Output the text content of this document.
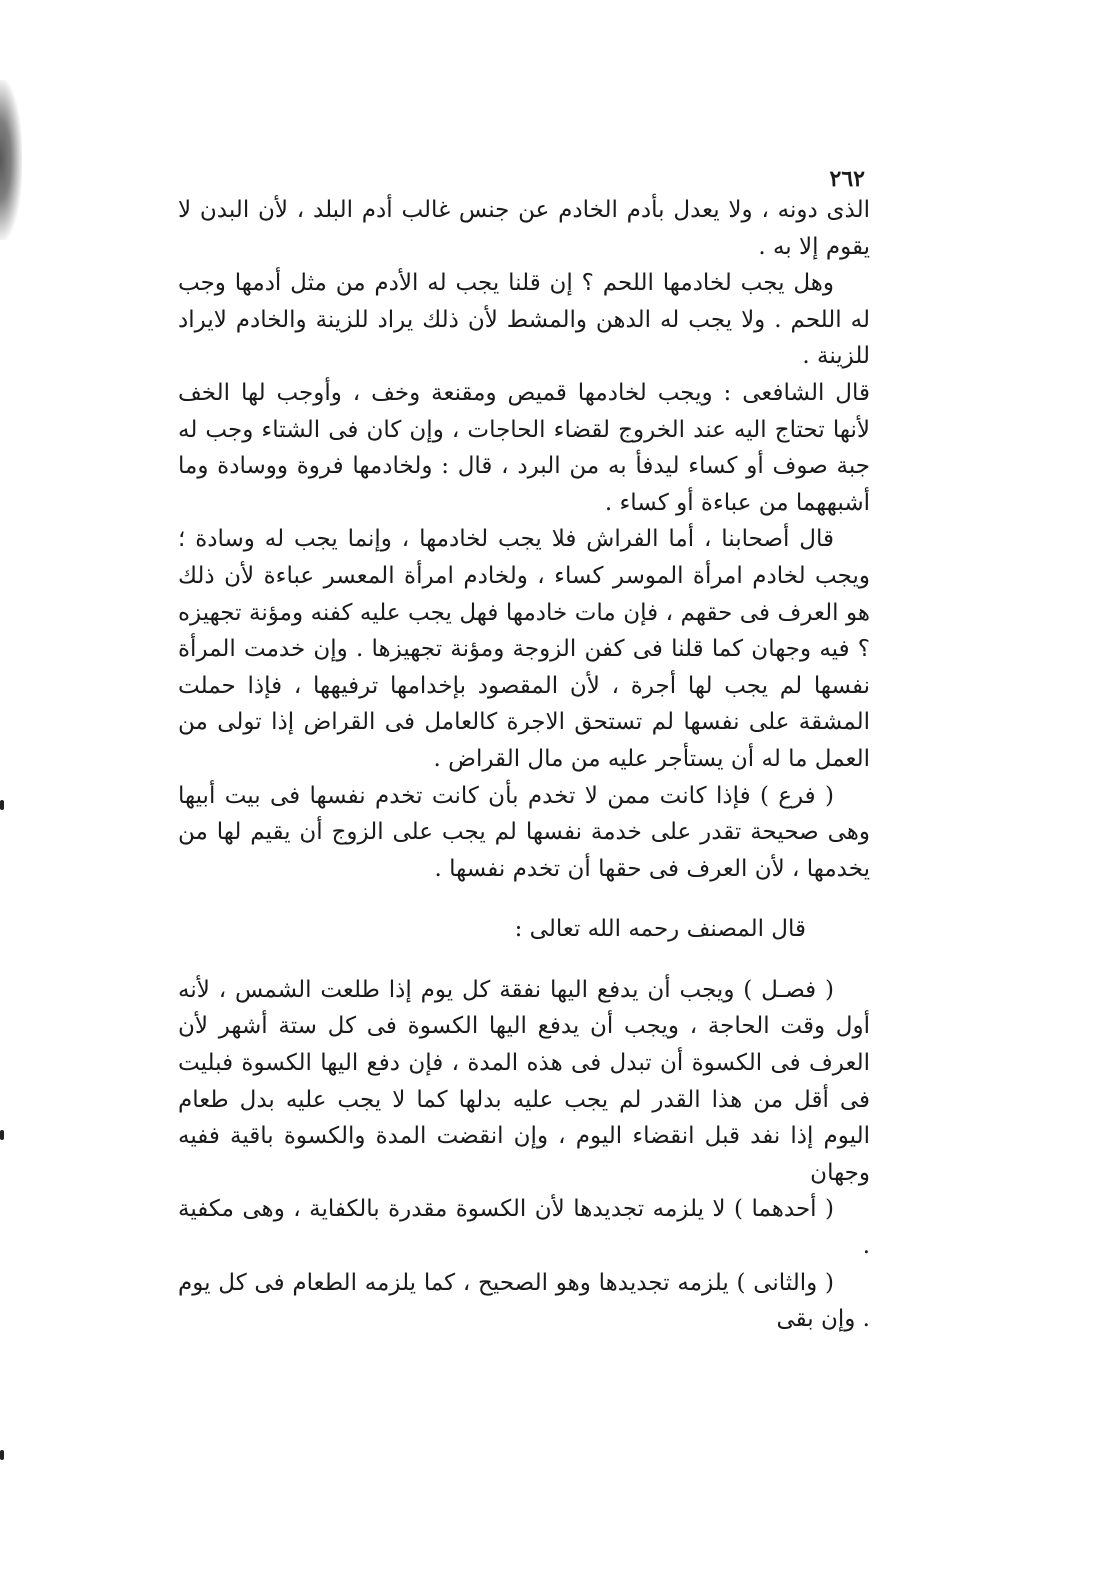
٢٦٢

الذى دونه ، ولا يعدل بأدم الخادم عن جنس غالب أدم البلد ، لأن البدن لا يقوم إلا به .

وهل يجب لخادمها اللحم ؟ إن قلنا يجب له الأدم من مثل أدمها وجب له اللحم . ولا يجب له الدهن والمشط لأن ذلك يراد للزينة والخادم لايراد للزينة .

قال الشافعى : ويجب لخادمها قميص ومقنعة وخف ، وأوجب لها الخف لأنها تحتاج اليه عند الخروج لقضاء الحاجات ، وإن كان فى الشتاء وجب له جبة صوف أو كساء ليدفأ به من البرد ، قال : ولخادمها فروة ووسادة وما أشبههما من عباءة أو كساء .

قال أصحابنا ، أما الفراش فلا يجب لخادمها ، وإنما يجب له وسادة ؛ ويجب لخادم امرأة الموسر كساء ، ولخادم امرأة المعسر عباءة لأن ذلك هو العرف فى حقهم ، فإن مات خادمها فهل يجب عليه كفنه ومؤنة تجهيزه ؟ فيه وجهان كما قلنا فى كفن الزوجة ومؤنة تجهيزها . وإن خدمت المرأة نفسها لم يجب لها أجرة ، لأن المقصود بإخدامها ترفيهها ، فإذا حملت المشقة على نفسها لم تستحق الاجرة كالعامل فى القراض إذا تولى من العمل ما له أن يستأجر عليه من مال القراض .

( فرع ) فإذا كانت ممن لا تخدم بأن كانت تخدم نفسها فى بيت أبيها وهى صحيحة تقدر على خدمة نفسها لم يجب على الزوج أن يقيم لها من يخدمها ، لأن العرف فى حقها أن تخدم نفسها .

قال المصنف رحمه الله تعالى :

( فصـل ) ويجب أن يدفع اليها نفقة كل يوم إذا طلعت الشمس ، لأنه أول وقت الحاجة ، ويجب أن يدفع اليها الكسوة فى كل ستة أشهر لأن العرف فى الكسوة أن تبدل فى هذه المدة ، فإن دفع اليها الكسوة فبليت فى أقل من هذا القدر لم يجب عليه بدلها كما لا يجب عليه بدل طعام اليوم إذا نفد قبل انقضاء اليوم ، وإن انقضت المدة والكسوة باقية ففيه وجهان

( أحدهما ) لا يلزمه تجديدها لأن الكسوة مقدرة بالكفاية ، وهى مكفية .

( والثانى ) يلزمه تجديدها وهو الصحيح ، كما يلزمه الطعام فى كل يوم . وإن بقى
